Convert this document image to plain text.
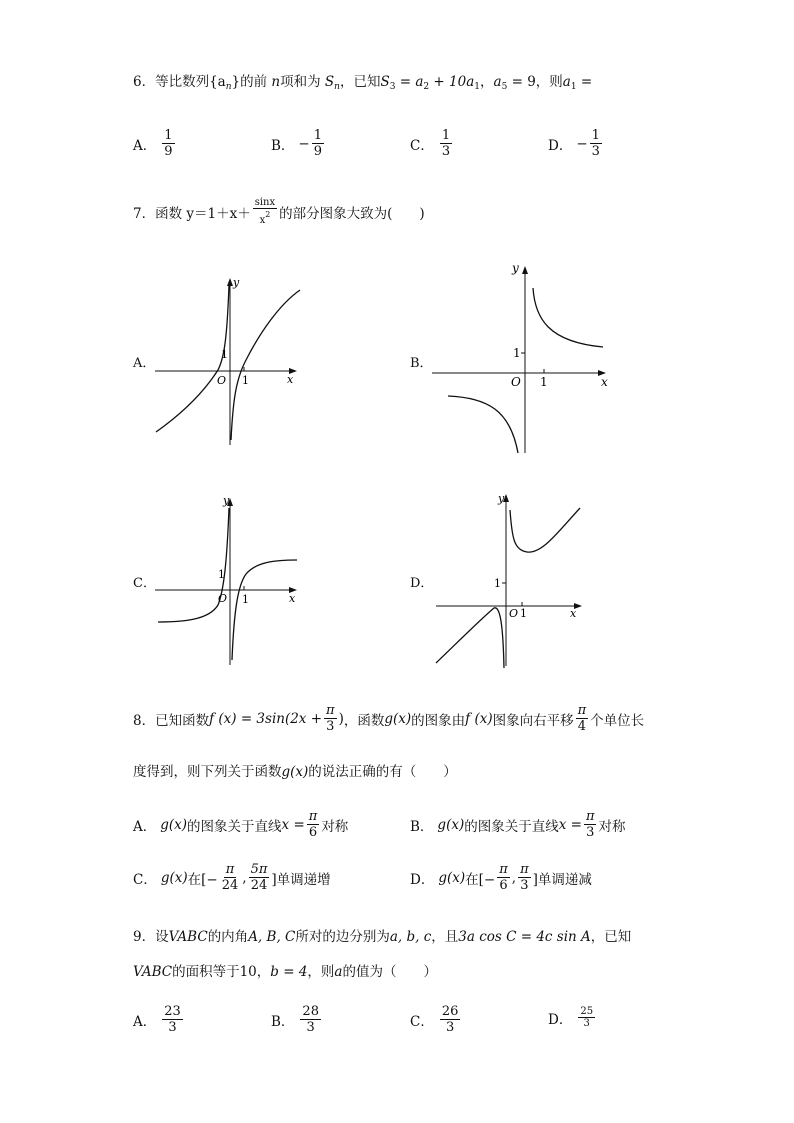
6．等比数列$\{a_n\}$的前 n项和为 $S_n$，已知$S_3 = a_2 + 10a_1$，$a_5 = 9$，则$a_1$ =
A． $\frac{1}{9}$	B． − $\frac{1}{9}$	C． $\frac{1}{3}$	D． − $\frac{1}{3}$
7． 函数 $y=1+x+ \frac{\sin x}{x^2}$ 的部分图象大致为(　　)
A．
y
x
O 1
1
B．
y
x
O 1
1
C．
y
x
O 1
1
D．
y
x
O 1
1
8． 已知函数 f $(x) = 3\sin(2x + \frac{\pi}{3}$ ) ，函数 g(x) 的图象由 f (x) 图象向右平移 $\frac{\pi}{4}$ 个单位长
度得到，则下列关于函数g(x)的说法正确的有（　　）
A． g(x) 的图象关于直线 $x = \frac{\pi}{6}$ 对称	B． g(x) 的图象关于直线 $x = \frac{\pi}{3}$ 对称
C． g(x) 在[− $\frac{\pi}{24}$ , $\frac{5\pi}{24}$ ]单调递增	D． g(x) 在[− $\frac{\pi}{6}$ , $\frac{\pi}{3}$ ]单调递减
9．设VABC的内角A, B, C所对的边分别为a, b, c，且3a cos C = 4c sin A，已知
VABC的面积等于10，b = 4，则a的值为（　　）
A． $\frac{23}{3}$	B． $\frac{28}{3}$	C． $\frac{26}{3}$	D． $\frac{25}{3}$
